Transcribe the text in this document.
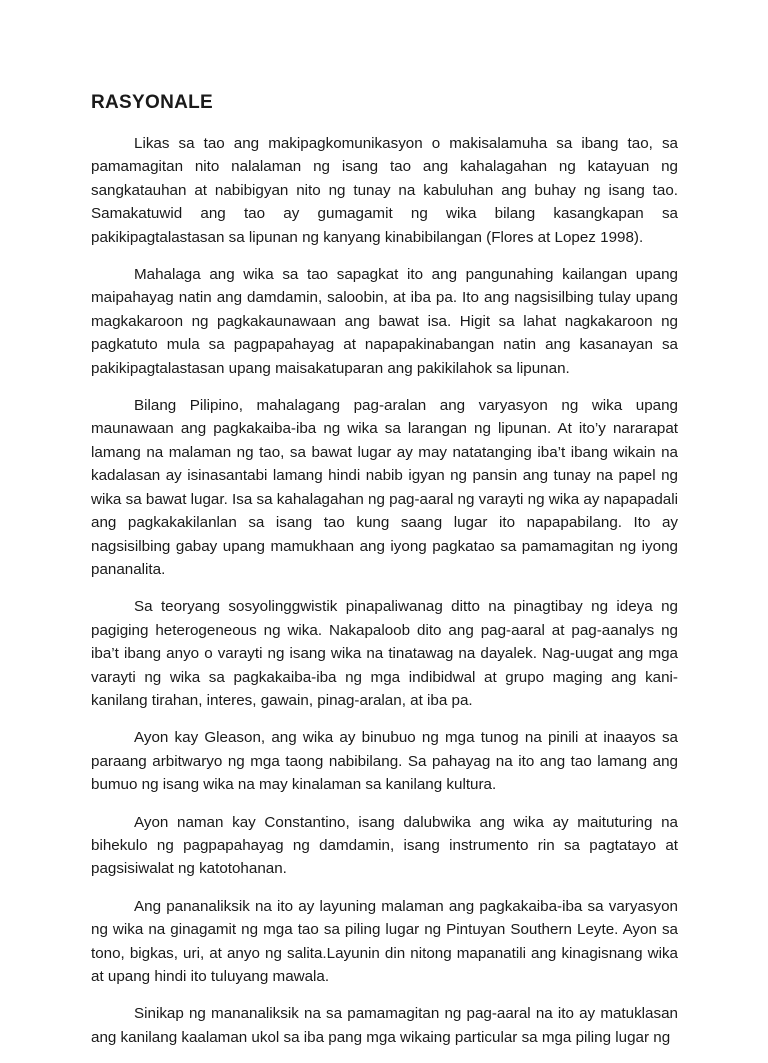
RASYONALE

Likas sa tao ang makipagkomunikasyon o makisalamuha sa ibang tao, sa pamamagitan nito nalalaman ng isang tao ang kahalagahan ng katayuan ng sangkatauhan at nabibigyan nito ng tunay na kabuluhan ang buhay ng isang tao. Samakatuwid ang tao ay gumagamit ng wika bilang kasangkapan sa pakikipagtalastasan sa lipunan ng kanyang kinabibilangan (Flores at Lopez 1998).

Mahalaga ang wika sa tao sapagkat ito ang pangunahing kailangan upang maipahayag natin ang damdamin, saloobin, at iba pa. Ito ang nagsisilbing tulay upang magkakaroon ng pagkakaunawaan ang bawat isa. Higit sa lahat nagkakaroon ng pagkatuto mula sa pagpapahayag at napapakinabangan natin ang kasanayan sa pakikipagtalastasan upang maisakatuparan ang pakikilahok sa lipunan.

Bilang Pilipino, mahalagang pag-aralan ang varyasyon ng wika upang maunawaan ang pagkakaiba-iba ng wika sa larangan ng lipunan. At ito’y nararapat lamang na malaman ng tao, sa bawat lugar ay may natatanging iba’t ibang wikain na kadalasan ay isinasantabi lamang hindi nabib igyan ng pansin ang tunay na papel ng wika sa bawat lugar. Isa sa kahalagahan ng pag-aaral ng varayti ng wika ay napapadali ang pagkakakilanlan sa isang tao kung saang lugar ito napapabilang. Ito ay nagsisilbing gabay upang mamukhaan ang iyong pagkatao sa pamamagitan ng iyong pananalita.

Sa teoryang sosyolinggwistik pinapaliwanag ditto na pinagtibay ng ideya ng pagiging heterogeneous ng wika. Nakapaloob dito ang pag-aaral at pag-aanalys ng iba’t ibang anyo o varayti ng isang wika na tinatawag na dayalek. Nag-uugat ang mga varayti ng wika sa pagkakaiba-iba ng mga indibidwal at grupo maging ang kani-kanilang tirahan, interes, gawain, pinag-aralan, at iba pa.

Ayon kay Gleason, ang wika ay binubuo ng mga tunog na pinili at inaayos sa paraang arbitwaryo ng mga taong nabibilang. Sa pahayag na ito ang tao lamang ang bumuo ng isang wika na may kinalaman sa kanilang kultura.

Ayon naman kay Constantino, isang dalubwika ang wika ay maituturing na bihekulo ng pagpapahayag ng damdamin, isang instrumento rin sa pagtatayo at pagsisiwalat ng katotohanan.

Ang pananaliksik na ito ay layuning malaman ang pagkakaiba-iba sa varyasyon ng wika na ginagamit ng mga tao sa piling lugar ng Pintuyan Southern Leyte. Ayon sa tono, bigkas, uri, at anyo ng salita.Layunin din nitong mapanatili ang kinagisnang wika at upang hindi ito tuluyang mawala.

Sinikap ng mananaliksik na sa pamamagitan ng pag-aaral na ito ay matuklasan ang kanilang kaalaman ukol sa iba pang mga wikaing particular sa mga piling lugar ng
